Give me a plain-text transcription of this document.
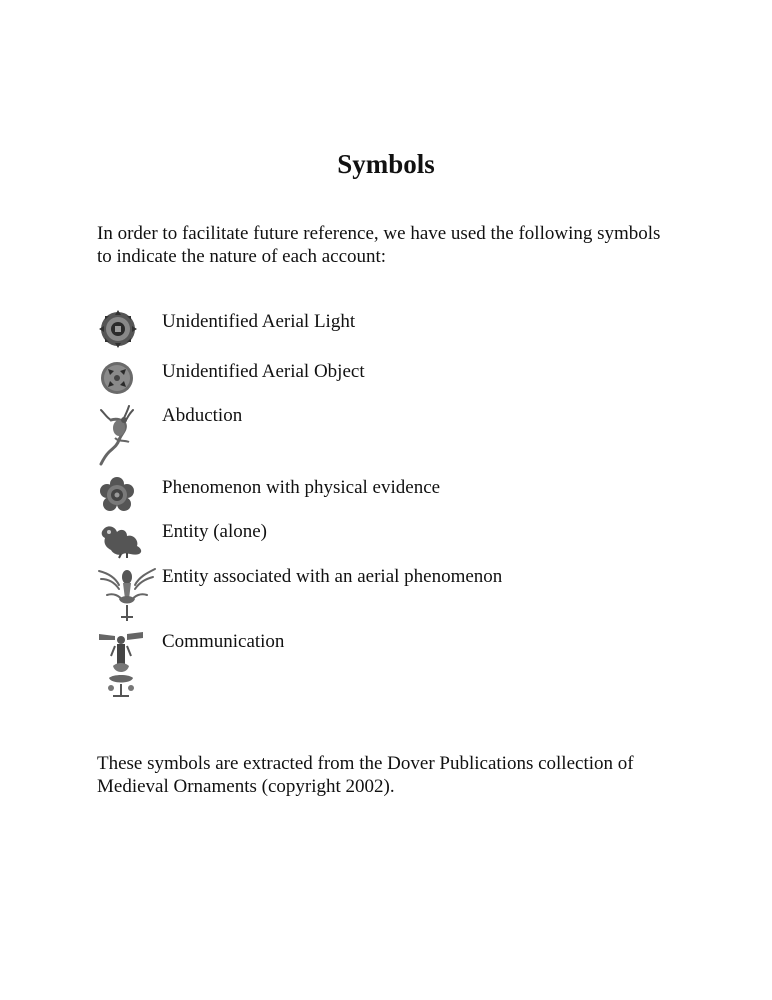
Symbols
In order to facilitate future reference, we have used the following symbols
to indicate the nature of each account:
Unidentified Aerial Light
Unidentified Aerial Object
Abduction
Phenomenon with physical evidence
Entity (alone)
Entity associated with an aerial phenomenon
Communication
These symbols are extracted from the Dover Publications collection of
Medieval Ornaments (copyright 2002).
